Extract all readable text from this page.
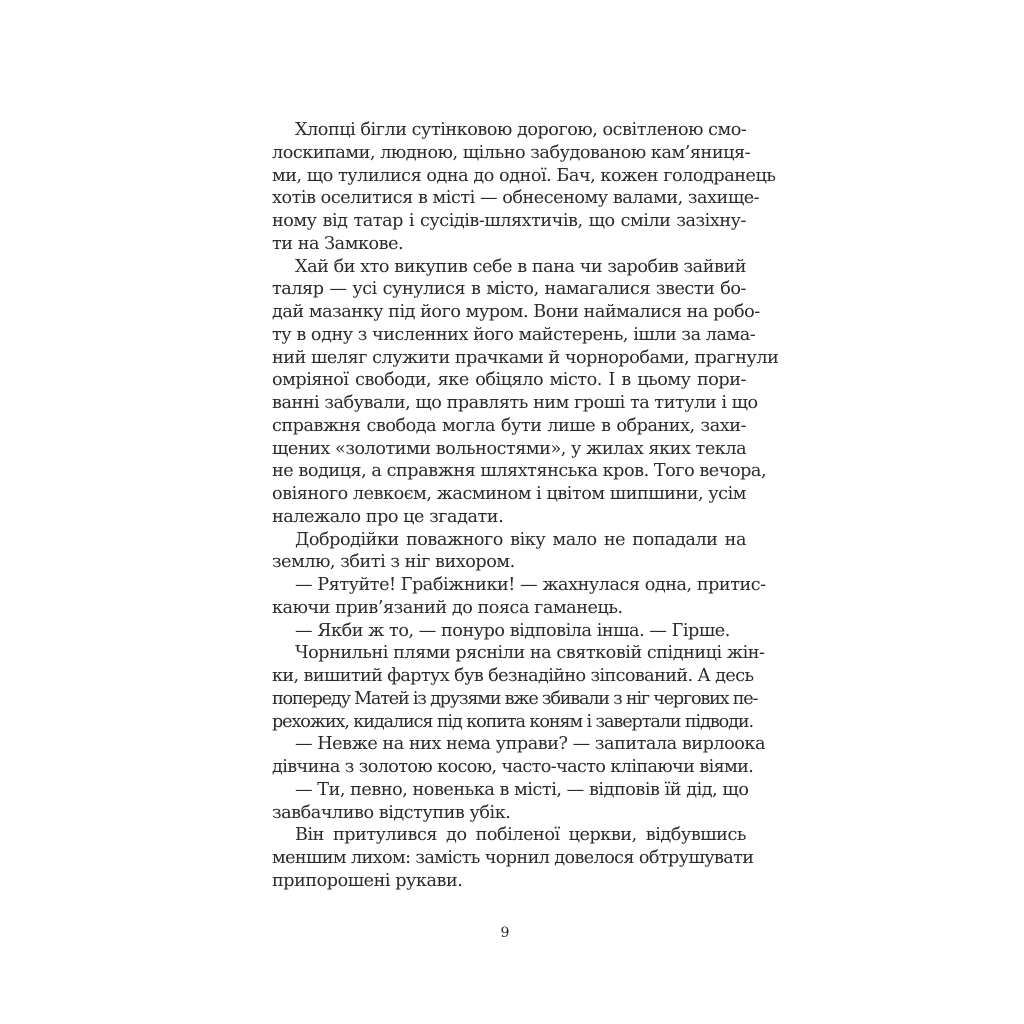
Хлопці бігли сутінковою дорогою, освітленою смо-
лоскипами, людною, щільно забудованою кам’яниця-
ми, що тулилися одна до одної. Бач, кожен голодранець
хотів оселитися в місті — обнесеному валами, захище-
ному від татар і сусідів-шляхтичів, що сміли зазіхну-
ти на Замкове.
Хай би хто викупив себе в пана чи заробив зайвий
таляр — усі сунулися в місто, намагалися звести бо-
дай мазанку під його муром. Вони наймалися на робо-
ту в одну з численних його майстерень, ішли за лама-
ний шеляг служити прачками й чорноробами, прагнули
омріяної свободи, яке обіцяло місто. І в цьому пори-
ванні забували, що правлять ним гроші та титули і що
справжня свобода могла бути лише в обраних, захи-
щених «золотими вольностями», у жилах яких текла
не водиця, а справжня шляхтянська кров. Того вечора,
овіяного левкоєм, жасмином і цвітом шипшини, усім
належало про це згадати.
Добродійки поважного віку мало не попадали на
землю, збиті з ніг вихором.
— Рятуйте! Грабіжники! — жахнулася одна, притис-
каючи прив’язаний до пояса гаманець.
— Якби ж то, — понуро відповіла інша. — Гірше.
Чорнильні плями рясніли на святковій спідниці жін-
ки, вишитий фартух був безнадійно зіпсований. А десь
попереду Матей із друзями вже збивали з ніг чергових пе-
рехожих, кидалися під копита коням і завертали підводи.
— Невже на них нема управи? — запитала вирлоока
дівчина з золотою косою, часто-часто кліпаючи віями.
— Ти, певно, новенька в місті, — відповів їй дід, що
завбачливо відступив убік.
Він притулився до побіленої церкви, відбувшись
меншим лихом: замість чорнил довелося обтрушувати
припорошені рукави.
9
